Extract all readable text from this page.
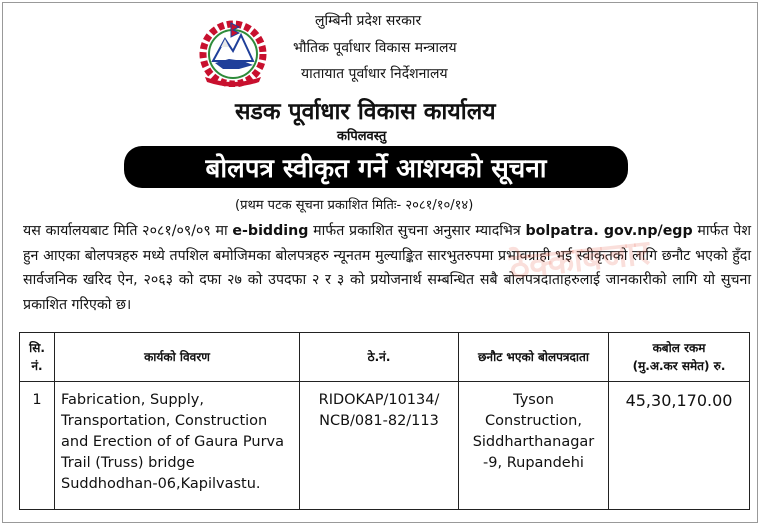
लुम्बिनी प्रदेश सरकार
भौतिक पूर्वाधार विकास मन्त्रालय
यातायात पूर्वाधार निर्देशनालय
सडक पूर्वाधार विकास कार्यालय
कपिलवस्तु
बोलपत्र स्वीकृत गर्ने आशयको सूचना
(प्रथम पटक सूचना प्रकाशित मितिः- २०८१/१०/१४)
यस कार्यालयबाट मिति २०८१/०९/०९ मा e-bidding मार्फत प्रकाशित सुचना अनुसार म्यादभित्र bolpatra. gov.np/egp मार्फत पेश हुन आएका बोलपत्रहरु मध्ये तपशिल बमोजिमका बोलपत्रहरु न्यूनतम मुल्याङ्कित सारभुतरुपमा प्रभावग्राही भई स्वीकृतको लागि छनौट भएको हुँदा सार्वजनिक खरिद ऐन, २०६३ को दफा २७ को उपदफा २ र ३ को प्रयोजनार्थ सम्बन्धित सबै बोलपत्रदाताहरुलाई जानकारीको लागि यो सुचना प्रकाशित गरिएको छ।
ठेक्काबजार
सि. नं.	कार्यको विवरण	ठे.नं.	छनौट भएको बोलपत्रदाता	कबोल रकम
(मु.अ.कर समेत) रु.

1	Fabrication, Supply, Transportation, Construction and Erection of of Gaura Purva Trail (Truss) bridge Suddhodhan-06,Kapilvastu.	RIDOKAP/10134/ NCB/081-82/113	Tyson Construction, Siddharthanagar -9, Rupandehi	45,30,170.00
